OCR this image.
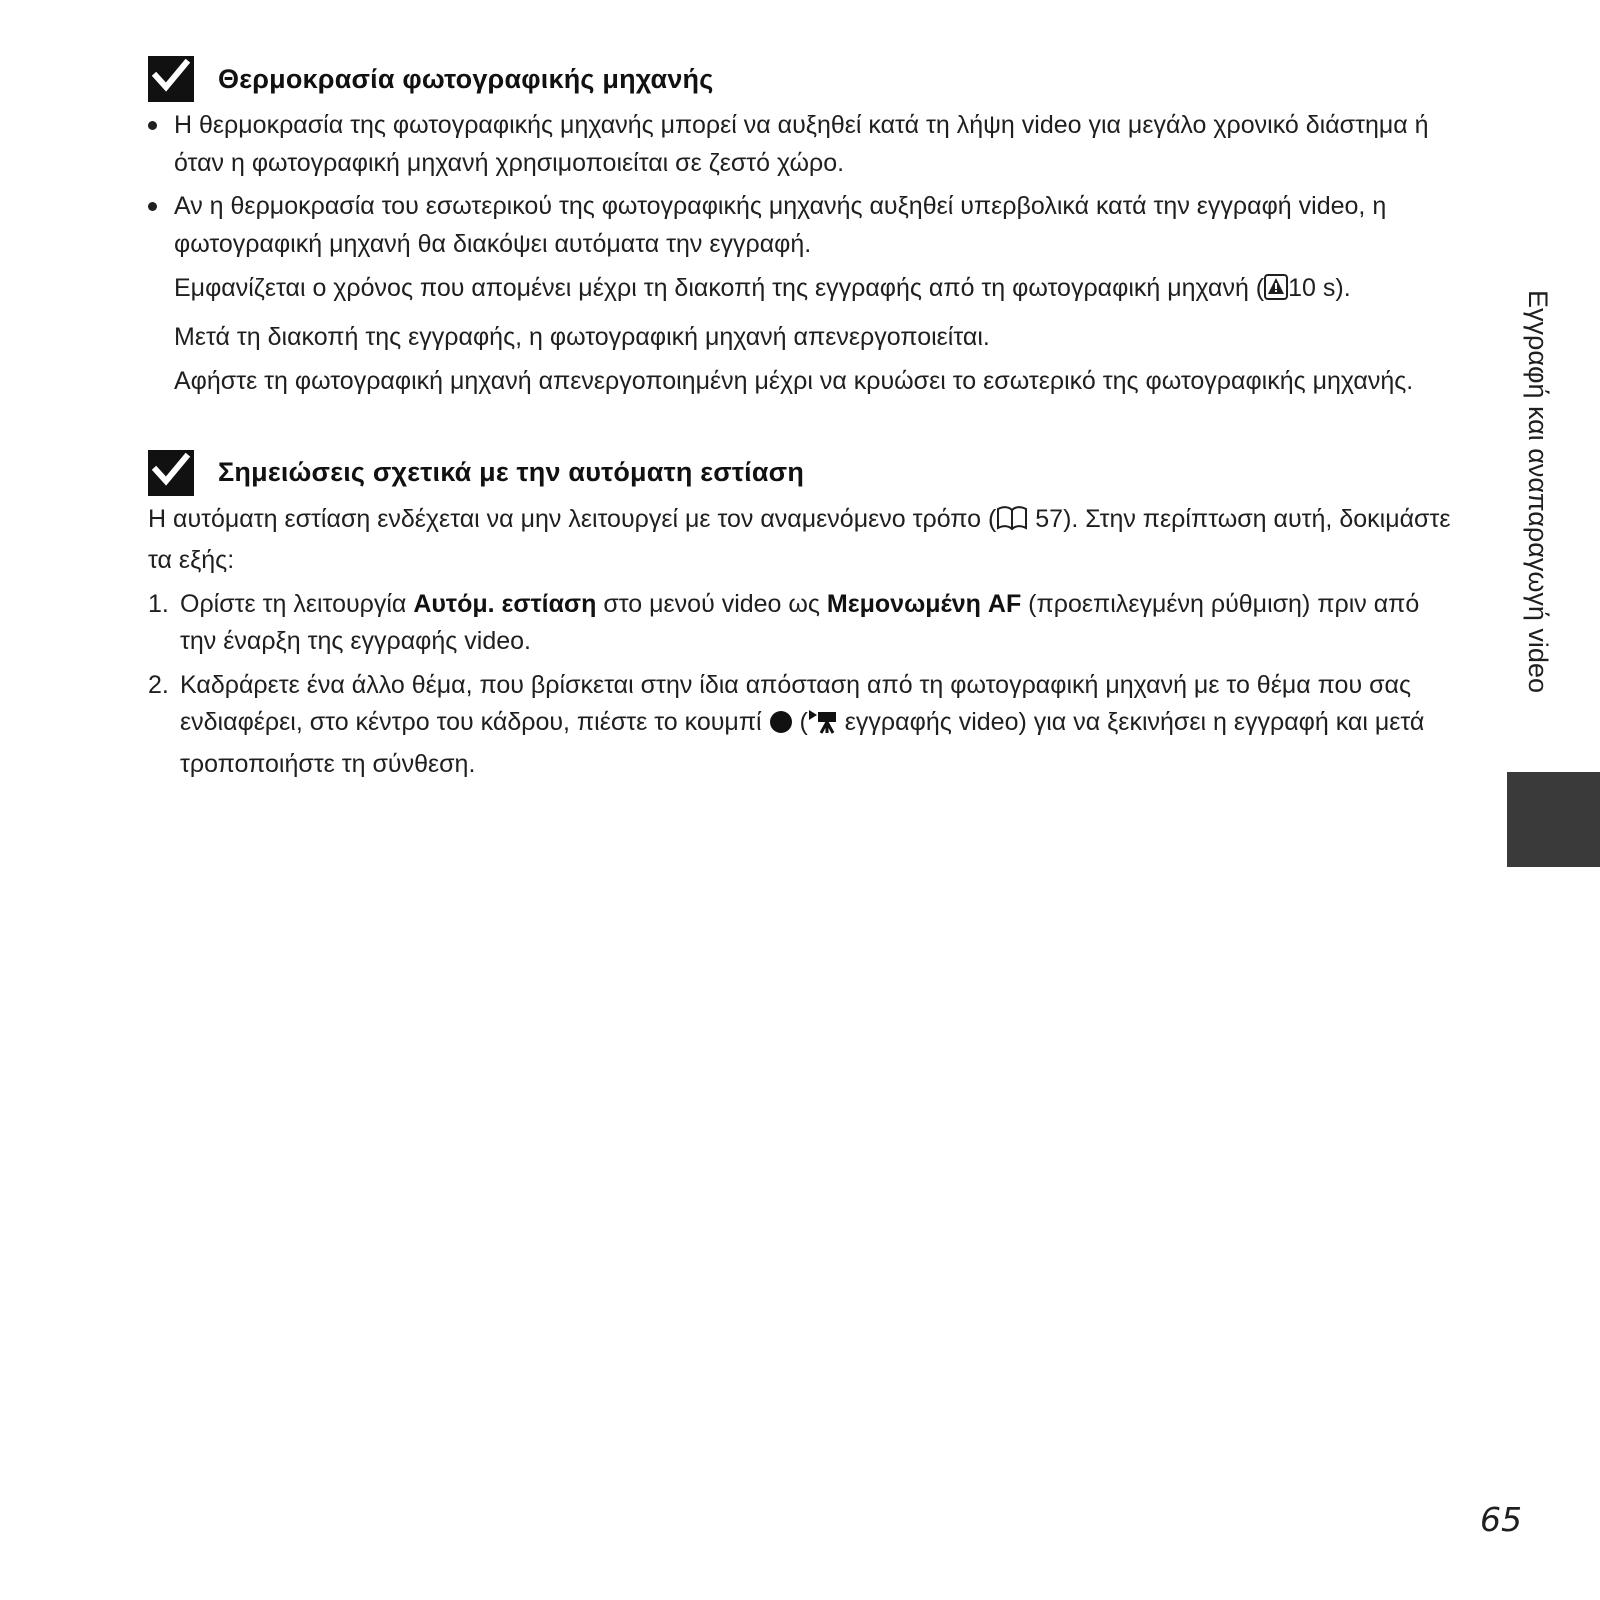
Θερμοκρασία φωτογραφικής μηχανής
Η θερμοκρασία της φωτογραφικής μηχανής μπορεί να αυξηθεί κατά τη λήψη video για μεγάλο χρονικό διάστημα ή όταν η φωτογραφική μηχανή χρησιμοποιείται σε ζεστό χώρο.
Αν η θερμοκρασία του εσωτερικού της φωτογραφικής μηχανής αυξηθεί υπερβολικά κατά την εγγραφή video, η φωτογραφική μηχανή θα διακόψει αυτόματα την εγγραφή.
Εμφανίζεται ο χρόνος που απομένει μέχρι τη διακοπή της εγγραφής από τη φωτογραφική μηχανή ( 10 s).
Μετά τη διακοπή της εγγραφής, η φωτογραφική μηχανή απενεργοποιείται.
Αφήστε τη φωτογραφική μηχανή απενεργοποιημένη μέχρι να κρυώσει το εσωτερικό της φωτογραφικής μηχανής.
Σημειώσεις σχετικά με την αυτόματη εστίαση
Η αυτόματη εστίαση ενδέχεται να μην λειτουργεί με τον αναμενόμενο τρόπο ( 57). Στην περίπτωση αυτή, δοκιμάστε τα εξής:
1. Ορίστε τη λειτουργία Αυτόμ. εστίαση στο μενού video ως Μεμονωμένη AF (προεπιλεγμένη ρύθμιση) πριν από την έναρξη της εγγραφής video.
2. Καδράρετε ένα άλλο θέμα, που βρίσκεται στην ίδια απόσταση από τη φωτογραφική μηχανή με το θέμα που σας ενδιαφέρει, στο κέντρο του κάδρου, πιέστε το κουμπί  ( εγγραφής video) για να ξεκινήσει η εγγραφή και μετά τροποποιήστε τη σύνθεση.
Εγγραφή και αναπαραγωγή video
65
